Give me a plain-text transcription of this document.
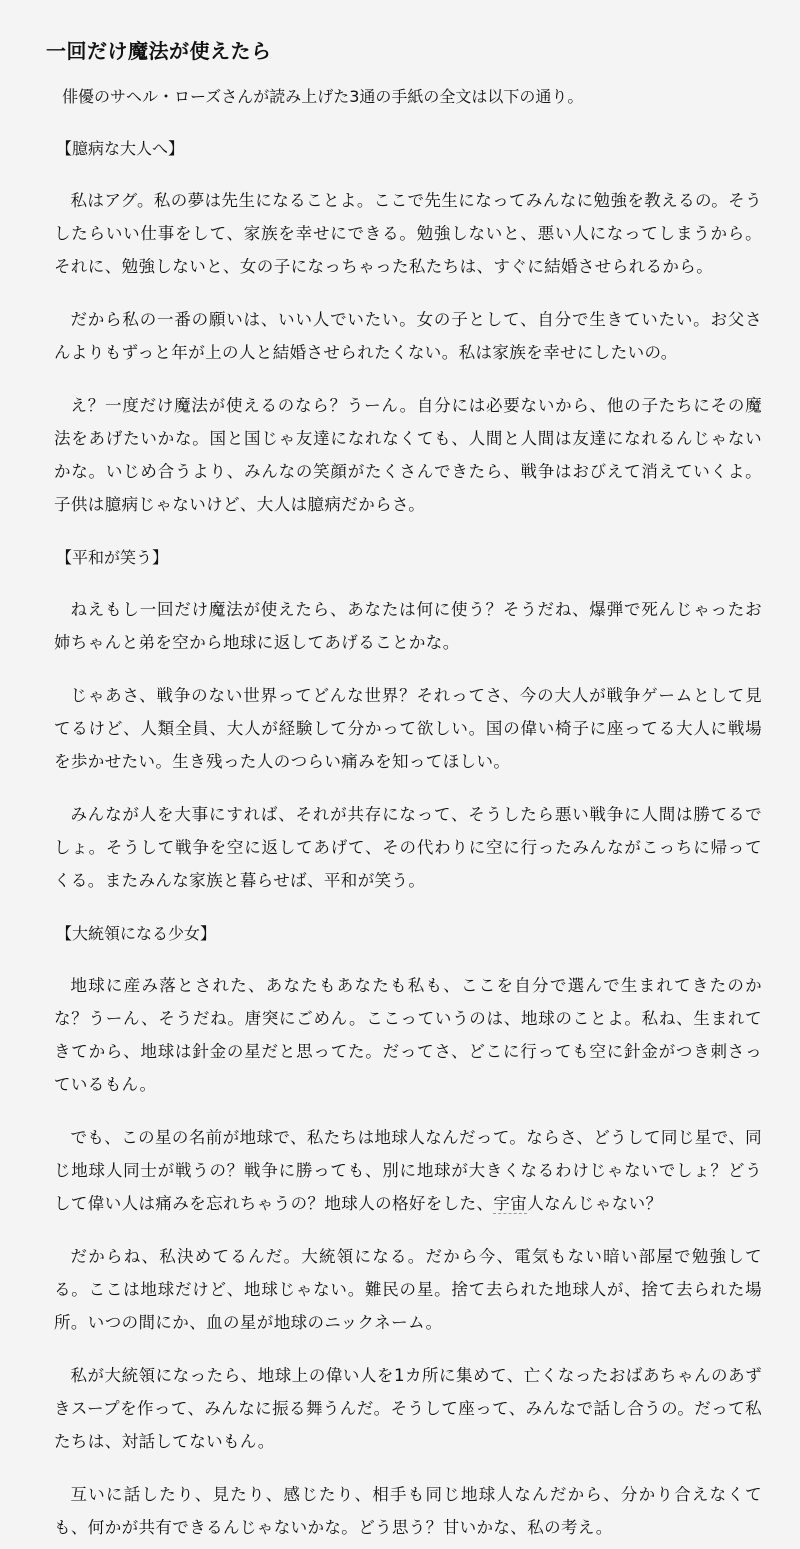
一回だけ魔法が使えたら

俳優のサヘル・ローズさんが読み上げた3通の手紙の全文は以下の通り。

【臆病な大人へ】

私はアグ。私の夢は先生になることよ。ここで先生になってみんなに勉強を教えるの。そうしたらいい仕事をして、家族を幸せにできる。勉強しないと、悪い人になってしまうから。それに、勉強しないと、女の子になっちゃった私たちは、すぐに結婚させられるから。

だから私の一番の願いは、いい人でいたい。女の子として、自分で生きていたい。お父さんよりもずっと年が上の人と結婚させられたくない。私は家族を幸せにしたいの。

え？一度だけ魔法が使えるのなら？うーん。自分には必要ないから、他の子たちにその魔法をあげたいかな。国と国じゃ友達になれなくても、人間と人間は友達になれるんじゃないかな。いじめ合うより、みんなの笑顔がたくさんできたら、戦争はおびえて消えていくよ。子供は臆病じゃないけど、大人は臆病だからさ。

【平和が笑う】

ねえもし一回だけ魔法が使えたら、あなたは何に使う？そうだね、爆弾で死んじゃったお姉ちゃんと弟を空から地球に返してあげることかな。

じゃあさ、戦争のない世界ってどんな世界？それってさ、今の大人が戦争ゲームとして見てるけど、人類全員、大人が経験して分かって欲しい。国の偉い椅子に座ってる大人に戦場を歩かせたい。生き残った人のつらい痛みを知ってほしい。

みんなが人を大事にすれば、それが共存になって、そうしたら悪い戦争に人間は勝てるでしょ。そうして戦争を空に返してあげて、その代わりに空に行ったみんながこっちに帰ってくる。またみんな家族と暮らせば、平和が笑う。

【大統領になる少女】

地球に産み落とされた、あなたもあなたも私も、ここを自分で選んで生まれてきたのかな？うーん、そうだね。唐突にごめん。ここっていうのは、地球のことよ。私ね、生まれてきてから、地球は針金の星だと思ってた。だってさ、どこに行っても空に針金がつき刺さっているもん。

でも、この星の名前が地球で、私たちは地球人なんだって。ならさ、どうして同じ星で、同じ地球人同士が戦うの？戦争に勝っても、別に地球が大きくなるわけじゃないでしょ？どうして偉い人は痛みを忘れちゃうの？地球人の格好をした、宇宙人なんじゃない？

だからね、私決めてるんだ。大統領になる。だから今、電気もない暗い部屋で勉強してる。ここは地球だけど、地球じゃない。難民の星。捨て去られた地球人が、捨て去られた場所。いつの間にか、血の星が地球のニックネーム。

私が大統領になったら、地球上の偉い人を1カ所に集めて、亡くなったおばあちゃんのあずきスープを作って、みんなに振る舞うんだ。そうして座って、みんなで話し合うの。だって私たちは、対話してないもん。

互いに話したり、見たり、感じたり、相手も同じ地球人なんだから、分かり合えなくても、何かが共有できるんじゃないかな。どう思う？甘いかな、私の考え。
